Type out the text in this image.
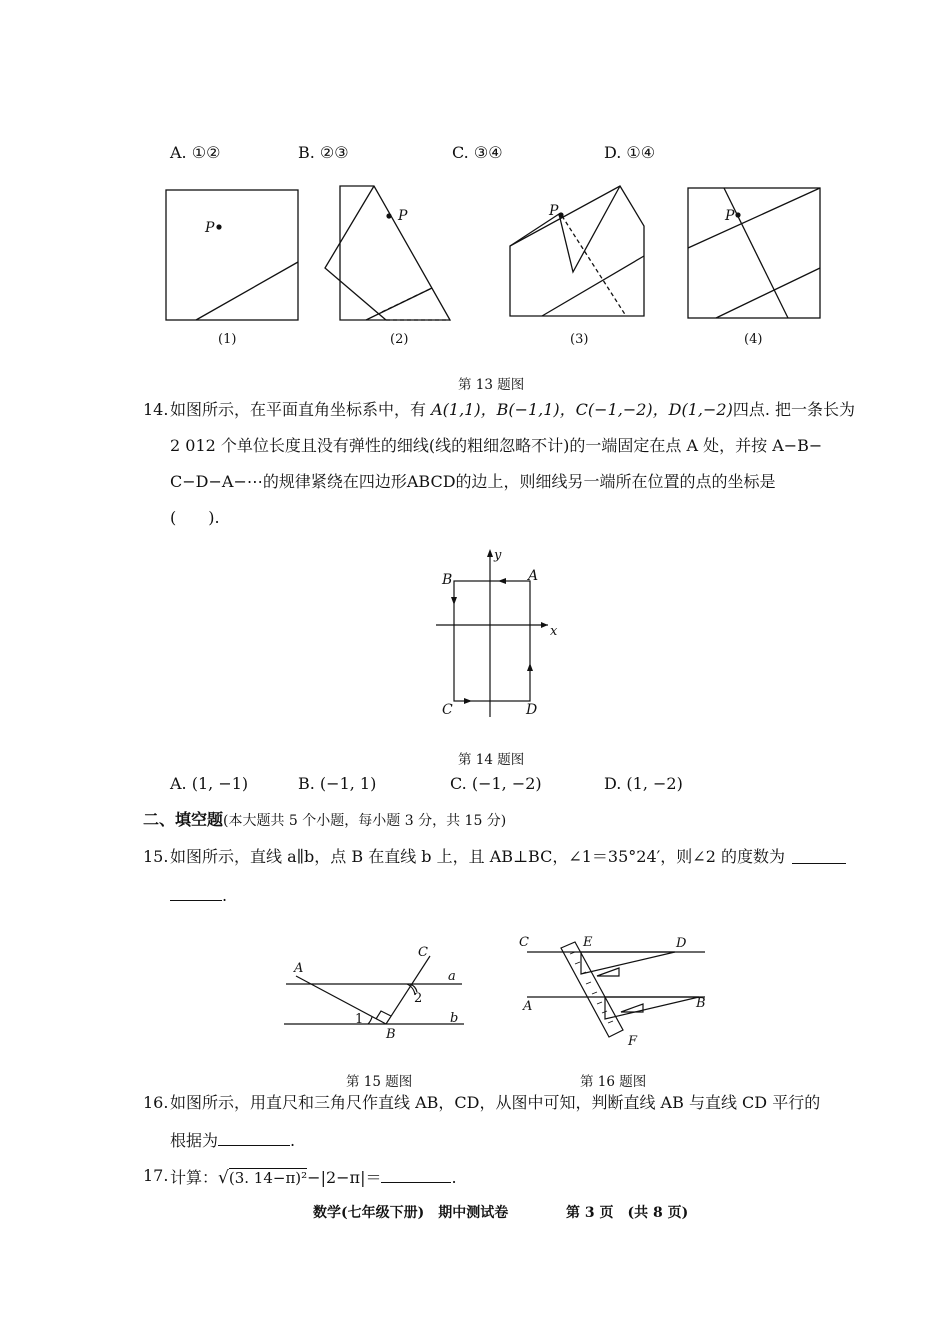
A. ①②	B. ②③	C. ③④	D. ①④
P
P	P	P
(1)	(2)	(3)	(4)
第 13 题图
14. 如图所示，在平面直角坐标系中，有 A(1,1)，B(−1,1)，C(−1,−2)，D(1,−2)四点. 把一条长为
2 012 个单位长度且没有弹性的细线(线的粗细忽略不计)的一端固定在点 A 处，并按 A−B−
C−D−A−⋯的规律紧绕在四边形ABCD的边上，则细线另一端所在位置的点的坐标是
(　　).
x
y
A
B
C	D
第 14 题图
A. (1, −1)	B. (−1, 1)	C. (−1, −2)	D. (1, −2)
二、填空题(本大题共 5 个小题，每小题 3 分，共 15 分)
15. 如图所示，直线 a∥b，点 B 在直线 b 上，且 AB⊥BC，∠1＝35°24′，则∠2 的度数为
.
A
B
C
a
b
1
2
C	E	D
A	B
F
第 15 题图	第 16 题图
16. 如图所示，用直尺和三角尺作直线 AB，CD，从图中可知，判断直线 AB 与直线 CD 平行的
根据为	.
17. 计算：√(3. 14−π)²−|2−π|＝	.
数学(七年级下册)　期中测试卷	第 3 页　(共 8 页)
